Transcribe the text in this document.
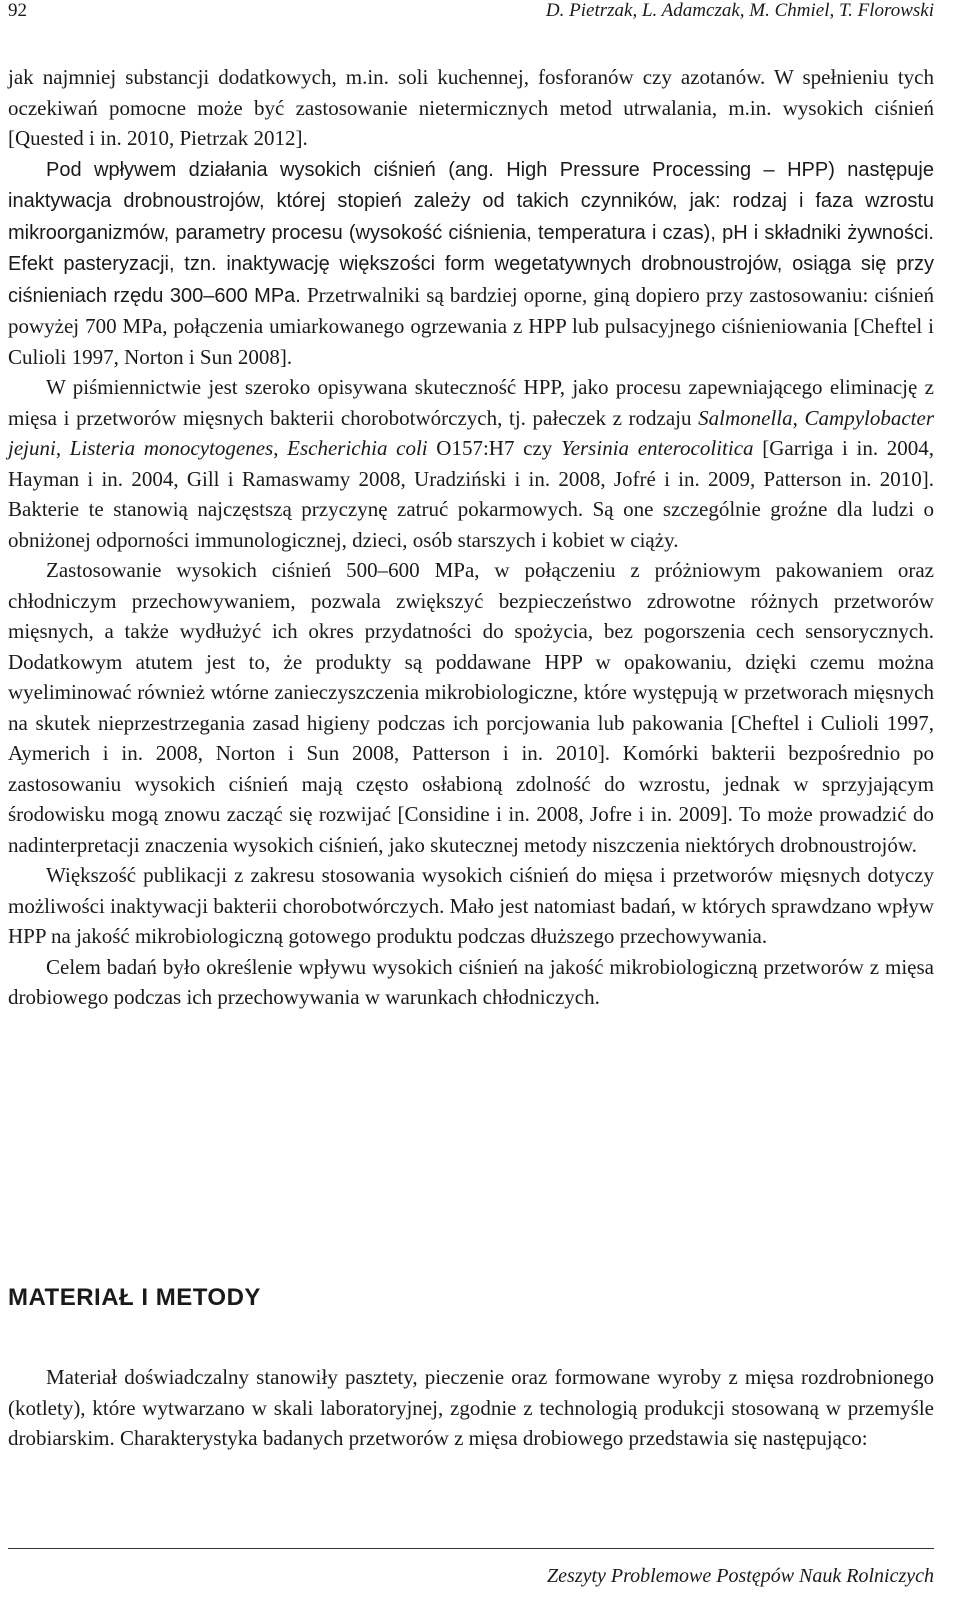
92	D. Pietrzak, L. Adamczak, M. Chmiel, T. Florowski

jak najmniej substancji dodatkowych, m.in. soli kuchennej, fosforanów czy azotanów. W spełnieniu tych oczekiwań pomocne może być zastosowanie nietermicznych metod utrwalania, m.in. wysokich ciśnień [Quested i in. 2010, Pietrzak 2012].

Pod wpływem działania wysokich ciśnień (ang. High Pressure Processing – HPP) następuje inaktywacja drobnoustrojów, której stopień zależy od takich czynników, jak: rodzaj i faza wzrostu mikroorganizmów, parametry procesu (wysokość ciśnienia, temperatura i czas), pH i składniki żywności. Efekt pasteryzacji, tzn. inaktywację większości form wegetatywnych drobnoustrojów, osiąga się przy ciśnieniach rzędu 300–600 MPa. Przetrwalniki są bardziej oporne, giną dopiero przy zastosowaniu: ciśnień powyżej 700 MPa, połączenia umiarkowanego ogrzewania z HPP lub pulsacyjnego ciśnieniowania [Cheftel i Culioli 1997, Norton i Sun 2008].

W piśmiennictwie jest szeroko opisywana skuteczność HPP, jako procesu zapewniającego eliminację z mięsa i przetworów mięsnych bakterii chorobotwórczych, tj. pałeczek z rodzaju Salmonella, Campylobacter jejuni, Listeria monocytogenes, Escherichia coli O157:H7 czy Yersinia enterocolitica [Garriga i in. 2004, Hayman i in. 2004, Gill i Ramaswamy 2008, Uradziński i in. 2008, Jofré i in. 2009, Patterson in. 2010]. Bakterie te stanowią najczęstszą przyczynę zatruć pokarmowych. Są one szczególnie groźne dla ludzi o obniżonej odporności immunologicznej, dzieci, osób starszych i kobiet w ciąży.

Zastosowanie wysokich ciśnień 500–600 MPa, w połączeniu z próżniowym pakowaniem oraz chłodniczym przechowywaniem, pozwala zwiększyć bezpieczeństwo zdrowotne różnych przetworów mięsnych, a także wydłużyć ich okres przydatności do spożycia, bez pogorszenia cech sensorycznych. Dodatkowym atutem jest to, że produkty są poddawane HPP w opakowaniu, dzięki czemu można wyeliminować również wtórne zanieczyszczenia mikrobiologiczne, które występują w przetworach mięsnych na skutek nieprzestrzegania zasad higieny podczas ich porcjowania lub pakowania [Cheftel i Culioli 1997, Aymerich i in. 2008, Norton i Sun 2008, Patterson i in. 2010]. Komórki bakterii bezpośrednio po zastosowaniu wysokich ciśnień mają często osłabioną zdolność do wzrostu, jednak w sprzyjającym środowisku mogą znowu zacząć się rozwijać [Considine i in. 2008, Jofre i in. 2009]. To może prowadzić do nadinterpretacji znaczenia wysokich ciśnień, jako skutecznej metody niszczenia niektórych drobnoustrojów.

Większość publikacji z zakresu stosowania wysokich ciśnień do mięsa i przetworów mięsnych dotyczy możliwości inaktywacji bakterii chorobotwórczych. Mało jest natomiast badań, w których sprawdzano wpływ HPP na jakość mikrobiologiczną gotowego produktu podczas dłuższego przechowywania.

Celem badań było określenie wpływu wysokich ciśnień na jakość mikrobiologiczną przetworów z mięsa drobiowego podczas ich przechowywania w warunkach chłodniczych.

MATERIAŁ I METODY

Materiał doświadczalny stanowiły pasztety, pieczenie oraz formowane wyroby z mięsa rozdrobnionego (kotlety), które wytwarzano w skali laboratoryjnej, zgodnie z technologią produkcji stosowaną w przemyśle drobiarskim. Charakterystyka badanych przetworów z mięsa drobiowego przedstawia się następująco:

Zeszyty Problemowe Postępów Nauk Rolniczych
